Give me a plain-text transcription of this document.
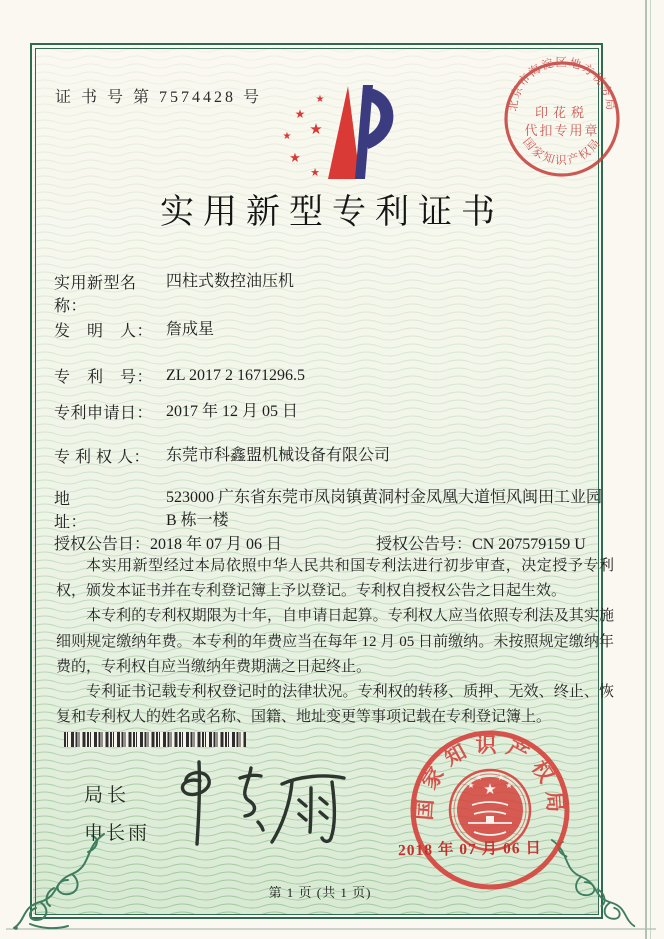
证 书 号 第 7574428 号	★
★
★
★
★
★
北京市海淀区地方税务局
印花税
代扣专用章
国家知识产权局
实用新型专利证书
实用新型名称：
四柱式数控油压机
发　明　人： 詹成星
专　利　号： ZL 2017 2 1671296.5
专利申请日： 2017 年 12 月 05 日
专 利 权 人： 东莞市科鑫盟机械设备有限公司
地　　　　址：
523000 广东省东莞市凤岗镇黄洞村金凤凰大道恒风闽田工业园 B 栋一楼
授权公告日：2018 年 07 月 06 日	授权公告号：CN 207579159 U

本实用新型经过本局依照中华人民共和国专利法进行初步审查，决定授予专利权，颁发本证书并在专利登记簿上予以登记。专利权自授权公告之日起生效。

本专利的专利权期限为十年，自申请日起算。专利权人应当依照专利法及其实施细则规定缴纳年费。本专利的年费应当在每年 12 月 05 日前缴纳。未按照规定缴纳年费的，专利权自应当缴纳年费期满之日起终止。

专利证书记载专利权登记时的法律状况。专利权的转移、质押、无效、终止、恢复和专利权人的姓名或名称、国籍、地址变更等事项记载在专利登记簿上。

局长
申长雨
国家知识产权局
★
★
★ ★
★
2018 年 07 月 06 日
第 1 页 (共 1 页)
